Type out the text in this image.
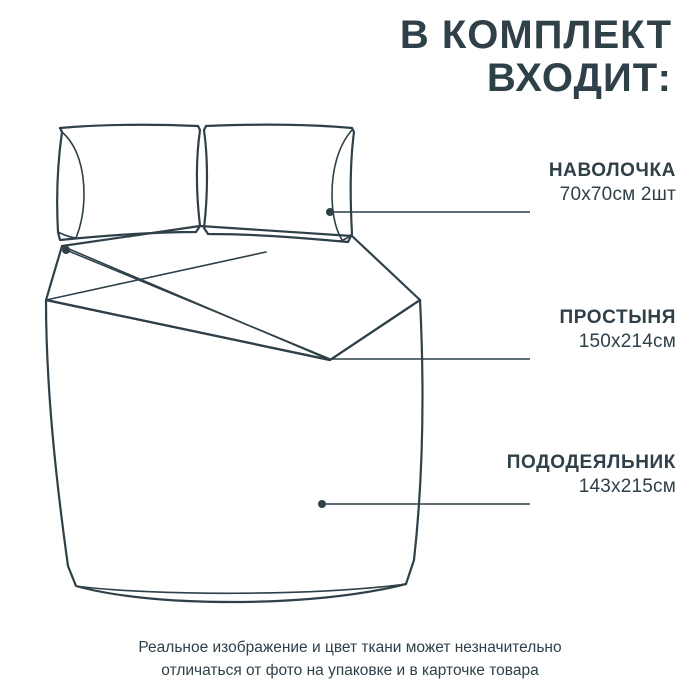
В КОМПЛЕКТ
ВХОДИТ:
НАВОЛОЧКА
70х70см 2шт
ПРОСТЫНЯ
150х214см
ПОДОДЕЯЛЬНИК
143х215см
Реальное изображение и цвет ткани может незначительно
отличаться от фото на упаковке и в карточке товара
